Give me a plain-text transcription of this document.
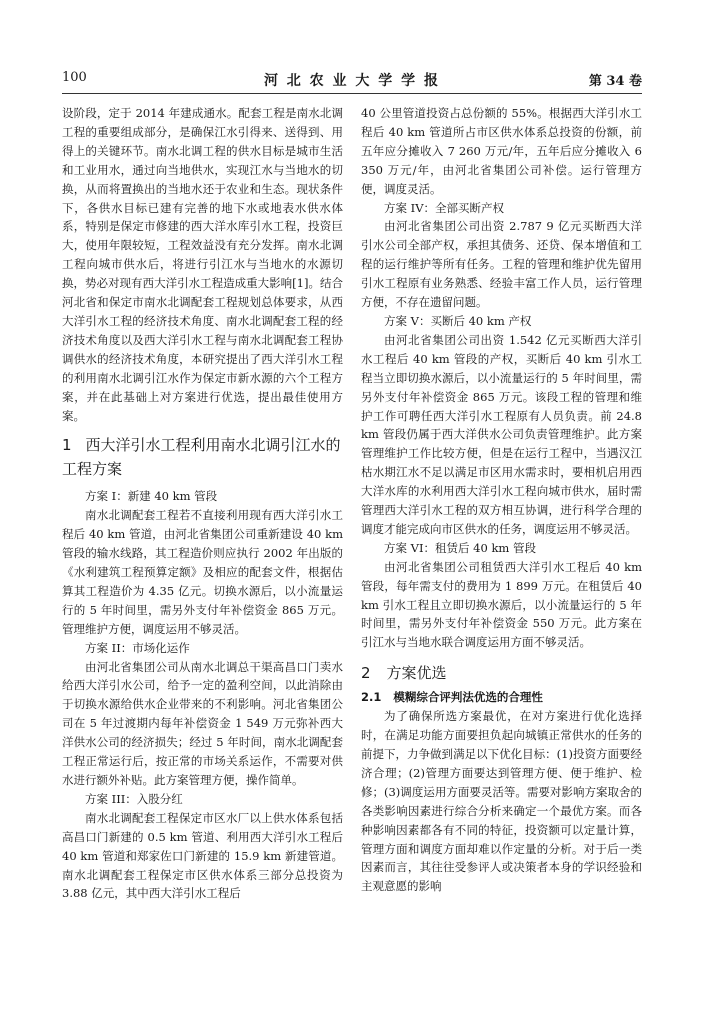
100	河 北 农 业 大 学 学 报	第 34 卷

设阶段，定于 2014 年建成通水。配套工程是南水北调工程的重要组成部分，是确保江水引得来、送得到、用得上的关键环节。南水北调工程的供水目标是城市生活和工业用水，通过向当地供水，实现江水与当地水的切换，从而将置换出的当地水还于农业和生态。现状条件下，各供水目标已建有完善的地下水或地表水供水体系，特别是保定市修建的西大洋水库引水工程，投资巨大，使用年限较短，工程效益没有充分发挥。南水北调工程向城市供水后，将进行引江水与当地水的水源切换，势必对现有西大洋引水工程造成重大影响[1]。结合河北省和保定市南水北调配套工程规划总体要求，从西大洋引水工程的经济技术角度、南水北调配套工程的经济技术角度以及西大洋引水工程与南水北调配套工程协调供水的经济技术角度，本研究提出了西大洋引水工程的利用南水北调引江水作为保定市新水源的六个工程方案，并在此基础上对方案进行优选，提出最佳使用方案。

1 西大洋引水工程利用南水北调引江水的工程方案

方案 I：新建 40 km 管段

南水北调配套工程若不直接利用现有西大洋引水工程后 40 km 管道，由河北省集团公司重新建设 40 km 管段的输水线路，其工程造价则应执行 2002 年出版的《水利建筑工程预算定额》及相应的配套文件，根据估算其工程造价为 4.35 亿元。切换水源后，以小流量运行的 5 年时间里，需另外支付年补偿资金 865 万元。管理维护方便，调度运用不够灵活。

方案 II：市场化运作

由河北省集团公司从南水北调总干渠高昌口门卖水给西大洋引水公司，给予一定的盈利空间，以此消除由于切换水源给供水企业带来的不利影响。河北省集团公司在 5 年过渡期内每年补偿资金 1 549 万元弥补西大洋供水公司的经济损失；经过 5 年时间，南水北调配套工程正常运行后，按正常的市场关系运作，不需要对供水进行额外补贴。此方案管理方便，操作简单。

方案 III：入股分红

南水北调配套工程保定市区水厂以上供水体系包括高昌口门新建的 0.5 km 管道、利用西大洋引水工程后 40 km 管道和郑家佐口门新建的 15.9 km 新建管道。南水北调配套工程保定市区供水体系三部分总投资为 3.88 亿元，其中西大洋引水工程后

40 公里管道投资占总份额的 55%。根据西大洋引水工程后 40 km 管道所占市区供水体系总投资的份额，前五年应分摊收入 7 260 万元/年，五年后应分摊收入 6 350 万元/年，由河北省集团公司补偿。运行管理方便，调度灵活。

方案 IV：全部买断产权

由河北省集团公司出资 2.787 9 亿元买断西大洋引水公司全部产权，承担其债务、还贷、保本增值和工程的运行维护等所有任务。工程的管理和维护优先留用引水工程原有业务熟悉、经验丰富工作人员，运行管理方便，不存在遗留问题。

方案 V：买断后 40 km 产权

由河北省集团公司出资 1.542 亿元买断西大洋引水工程后 40 km 管段的产权，买断后 40 km 引水工程当立即切换水源后，以小流量运行的 5 年时间里，需另外支付年补偿资金 865 万元。该段工程的管理和维护工作可聘任西大洋引水工程原有人员负责。前 24.8 km 管段仍属于西大洋供水公司负责管理维护。此方案管理维护工作比较方便，但是在运行工程中，当遇汉江枯水期江水不足以满足市区用水需求时，要相机启用西大洋水库的水利用西大洋引水工程向城市供水，届时需管理西大洋引水工程的双方相互协调，进行科学合理的调度才能完成向市区供水的任务，调度运用不够灵活。

方案 VI：租赁后 40 km 管段

由河北省集团公司租赁西大洋引水工程后 40 km 管段，每年需支付的费用为 1 899 万元。在租赁后 40 km 引水工程且立即切换水源后，以小流量运行的 5 年时间里，需另外支付年补偿资金 550 万元。此方案在引江水与当地水联合调度运用方面不够灵活。

2 方案优选
2.1 模糊综合评判法优选的合理性

为了确保所选方案最优，在对方案进行优化选择时，在满足功能方面要担负起向城镇正常供水的任务的前提下，力争做到满足以下优化目标：(1)投资方面要经济合理；(2)管理方面要达到管理方便、便于维护、检修；(3)调度运用方面要灵活等。需要对影响方案取舍的各类影响因素进行综合分析来确定一个最优方案。而各种影响因素都各有不同的特征，投资额可以定量计算，管理方面和调度方面却难以作定量的分析。对于后一类因素而言，其往往受参评人或决策者本身的学识经验和主观意愿的影响
